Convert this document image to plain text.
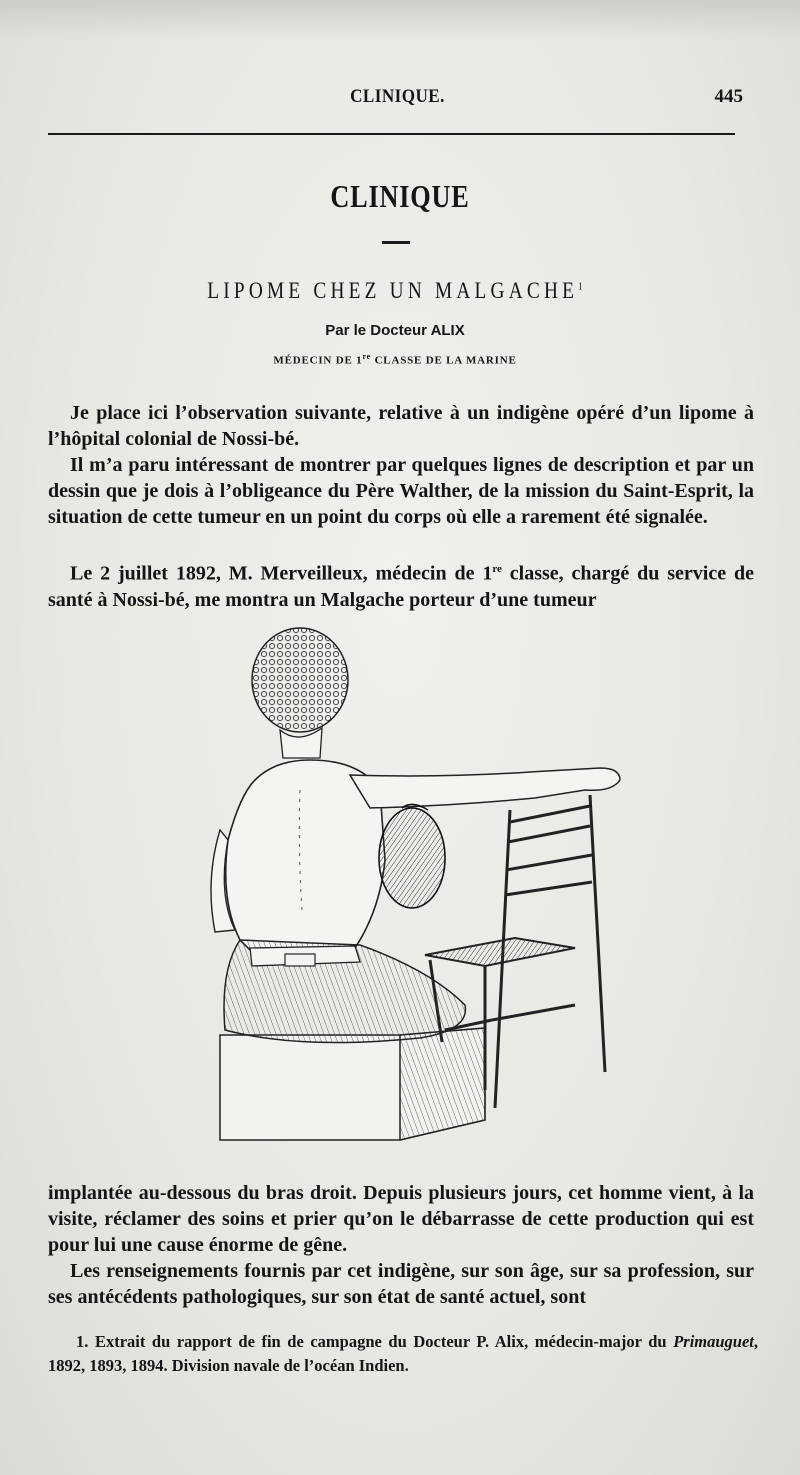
CLINIQUE.	445
CLINIQUE
LIPOME CHEZ UN MALGACHE$^1$
Par le Docteur ALIX
MÉDECIN DE 1re CLASSE DE LA MARINE
Je place ici l’observation suivante, relative à un indigène opéré d’un lipome à l’hôpital colonial de Nossi-bé.
Il m’a paru intéressant de montrer par quelques lignes de description et par un dessin que je dois à l’obligeance du Père Walther, de la mission du Saint-Esprit, la situation de cette tumeur en un point du corps où elle a rarement été signalée.
Le 2 juillet 1892, M. Merveilleux, médecin de 1re classe, chargé du service de santé à Nossi-bé, me montra un Malgache porteur d’une tumeur
implantée au-dessous du bras droit. Depuis plusieurs jours, cet homme vient, à la visite, réclamer des soins et prier qu’on le débarrasse de cette production qui est pour lui une cause énorme de gêne.
Les renseignements fournis par cet indigène, sur son âge, sur sa profession, sur ses antécédents pathologiques, sur son état de santé actuel, sont
1. Extrait du rapport de fin de campagne du Docteur P. Alix, médecin-major du Primauguet, 1892, 1893, 1894. Division navale de l’océan Indien.
